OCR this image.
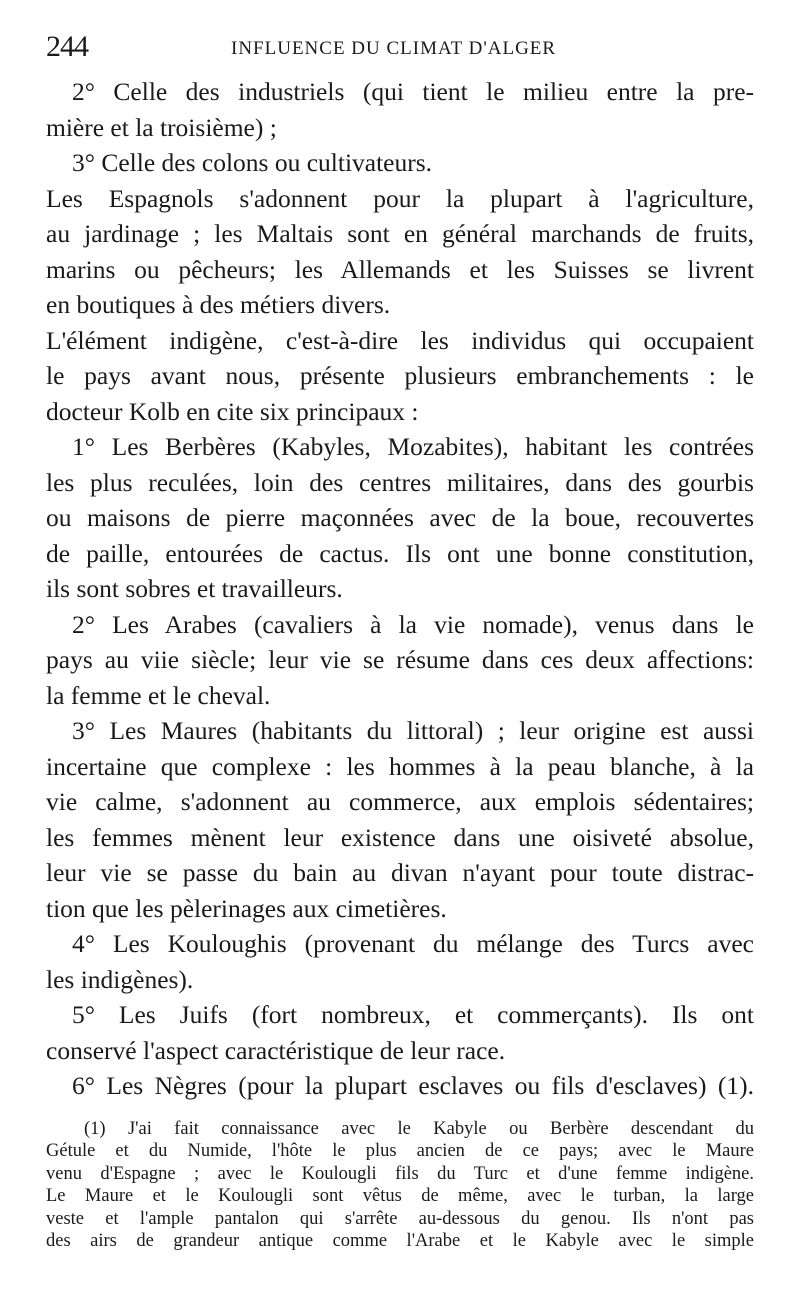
244	INFLUENCE DU CLIMAT D'ALGER
2° Celle des industriels (qui tient le milieu entre la pre-
mière et la troisième) ;
3° Celle des colons ou cultivateurs.
Les Espagnols s'adonnent pour la plupart à l'agriculture,
au jardinage ; les Maltais sont en général marchands de fruits,
marins ou pêcheurs; les Allemands et les Suisses se livrent
en boutiques à des métiers divers.
L'élément indigène, c'est-à-dire les individus qui occupaient
le pays avant nous, présente plusieurs embranchements : le
docteur Kolb en cite six principaux :
1° Les Berbères (Kabyles, Mozabites), habitant les contrées
les plus reculées, loin des centres militaires, dans des gourbis
ou maisons de pierre maçonnées avec de la boue, recouvertes
de paille, entourées de cactus. Ils ont une bonne constitution,
ils sont sobres et travailleurs.
2° Les Arabes (cavaliers à la vie nomade), venus dans le
pays au viie siècle; leur vie se résume dans ces deux affections:
la femme et le cheval.
3° Les Maures (habitants du littoral) ; leur origine est aussi
incertaine que complexe : les hommes à la peau blanche, à la
vie calme, s'adonnent au commerce, aux emplois sédentaires;
les femmes mènent leur existence dans une oisiveté absolue,
leur vie se passe du bain au divan n'ayant pour toute distrac-
tion que les pèlerinages aux cimetières.
4° Les Kouloughis (provenant du mélange des Turcs avec
les indigènes).
5° Les Juifs (fort nombreux, et commerçants). Ils ont
conservé l'aspect caractéristique de leur race.
6° Les Nègres (pour la plupart esclaves ou fils d'esclaves) (1).
(1) J'ai fait connaissance avec le Kabyle ou Berbère descendant du
Gétule et du Numide, l'hôte le plus ancien de ce pays; avec le Maure
venu d'Espagne ; avec le Koulougli fils du Turc et d'une femme indigène.
Le Maure et le Koulougli sont vêtus de même, avec le turban, la large
veste et l'ample pantalon qui s'arrête au-dessous du genou. Ils n'ont pas
des airs de grandeur antique comme l'Arabe et le Kabyle avec le simple
